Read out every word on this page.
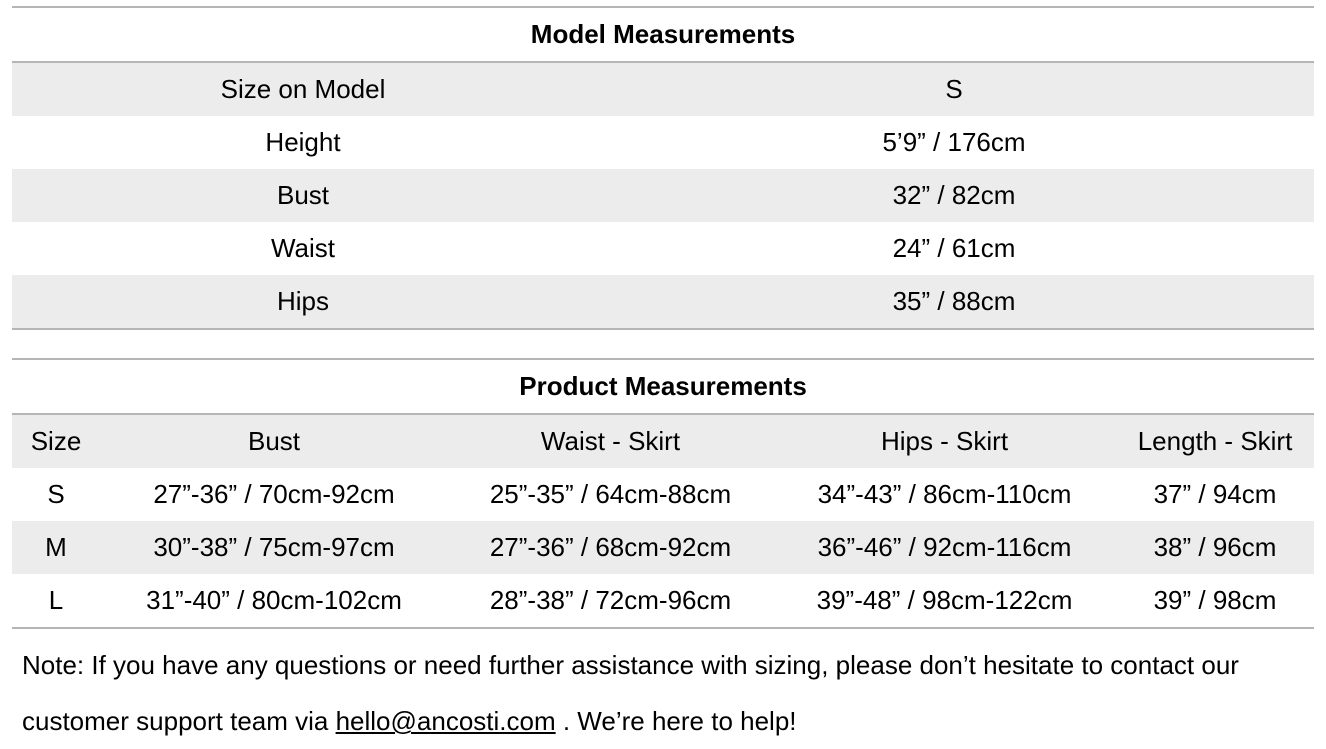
Model Measurements	
Size on Model	S
Height	5’9” / 176cm
Bust	32” / 82cm
Waist	24” / 61cm
Hips	35” / 88cm
Product Measurements				
Size	Bust	Waist - Skirt	Hips - Skirt	Length - Skirt
S	27”-36” / 70cm-92cm	25”-35” / 64cm-88cm	34”-43” / 86cm-110cm	37” / 94cm
M	30”-38” / 75cm-97cm	27”-36” / 68cm-92cm	36”-46” / 92cm-116cm	38” / 96cm
L	31”-40” / 80cm-102cm	28”-38” / 72cm-96cm	39”-48” / 98cm-122cm	39” / 98cm
Note: If you have any questions or need further assistance with sizing, please don’t hesitate to contact our customer support team via hello@ancosti.com . We’re here to help!
